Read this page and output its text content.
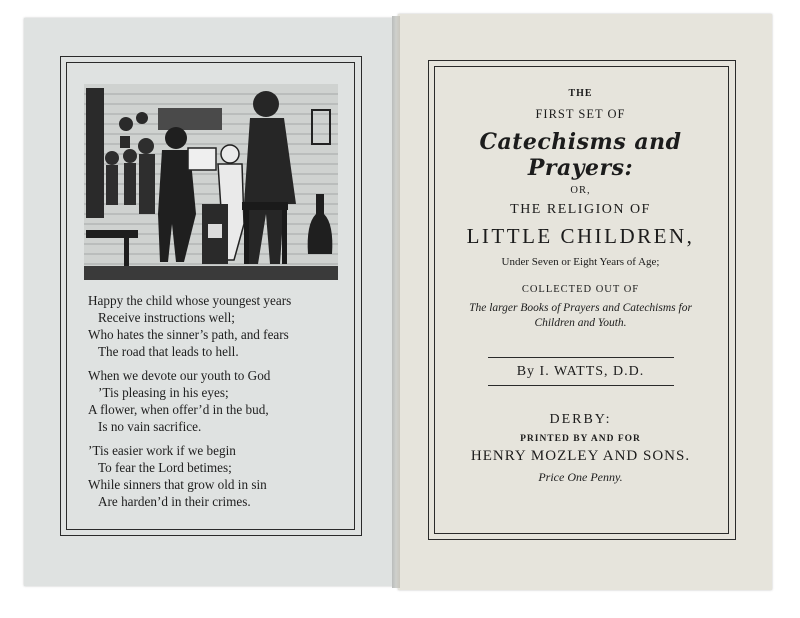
Happy the child whose youngest years
Receive instructions well;
Who hates the sinner’s path, and fears
The road that leads to hell.
When we devote our youth to God
’Tis pleasing in his eyes;
A flower, when offer’d in the bud,
Is no vain sacrifice.
’Tis easier work if we begin
To fear the Lord betimes;
While sinners that grow old in sin
Are harden’d in their crimes.
THE
FIRST SET OF
Catechisms and Prayers:
OR,
THE RELIGION OF
LITTLE CHILDREN,
Under Seven or Eight Years of Age;
COLLECTED OUT OF
The larger Books of Prayers and Catechisms for
Children and Youth.
By I. WATTS, D.D.
DERBY:
PRINTED BY AND FOR
HENRY MOZLEY AND SONS.
Price One Penny.
